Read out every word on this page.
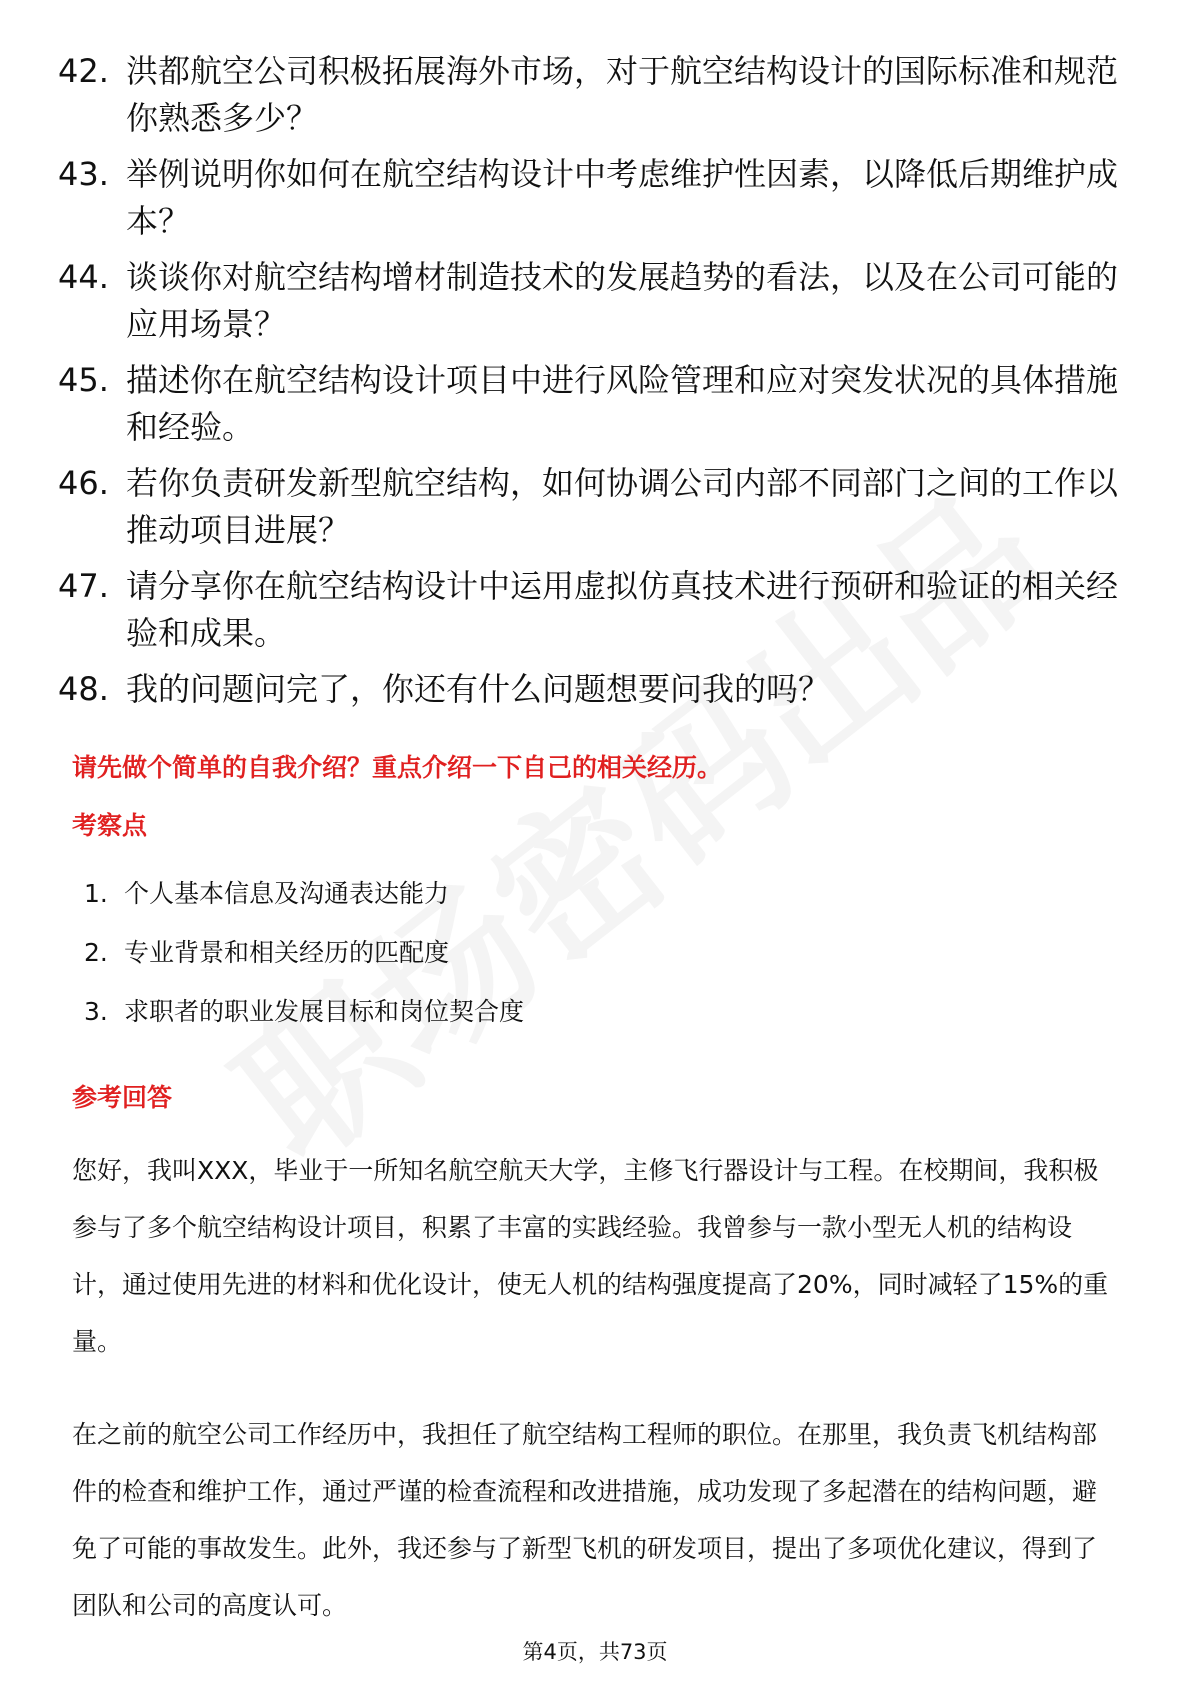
42. 洪都航空公司积极拓展海外市场，对于航空结构设计的国际标准和规范你熟悉多少？
43. 举例说明你如何在航空结构设计中考虑维护性因素，以降低后期维护成本？
44. 谈谈你对航空结构增材制造技术的发展趋势的看法，以及在公司可能的应用场景？
45. 描述你在航空结构设计项目中进行风险管理和应对突发状况的具体措施和经验。
46. 若你负责研发新型航空结构，如何协调公司内部不同部门之间的工作以推动项目进展？
47. 请分享你在航空结构设计中运用虚拟仿真技术进行预研和验证的相关经验和成果。
48. 我的问题问完了，你还有什么问题想要问我的吗？
请先做个简单的自我介绍？重点介绍一下自己的相关经历。
考察点
1. 个人基本信息及沟通表达能力
2. 专业背景和相关经历的匹配度
3. 求职者的职业发展目标和岗位契合度
参考回答

您好，我叫XXX，毕业于一所知名航空航天大学，主修飞行器设计与工程。在校期间，我积极参与了多个航空结构设计项目，积累了丰富的实践经验。我曾参与一款小型无人机的结构设计，通过使用先进的材料和优化设计，使无人机的结构强度提高了20%，同时减轻了15%的重量。

在之前的航空公司工作经历中，我担任了航空结构工程师的职位。在那里，我负责飞机结构部件的检查和维护工作，通过严谨的检查流程和改进措施，成功发现了多起潜在的结构问题，避免了可能的事故发生。此外，我还参与了新型飞机的研发项目，提出了多项优化建议，得到了团队和公司的高度认可。

第4页，共73页
